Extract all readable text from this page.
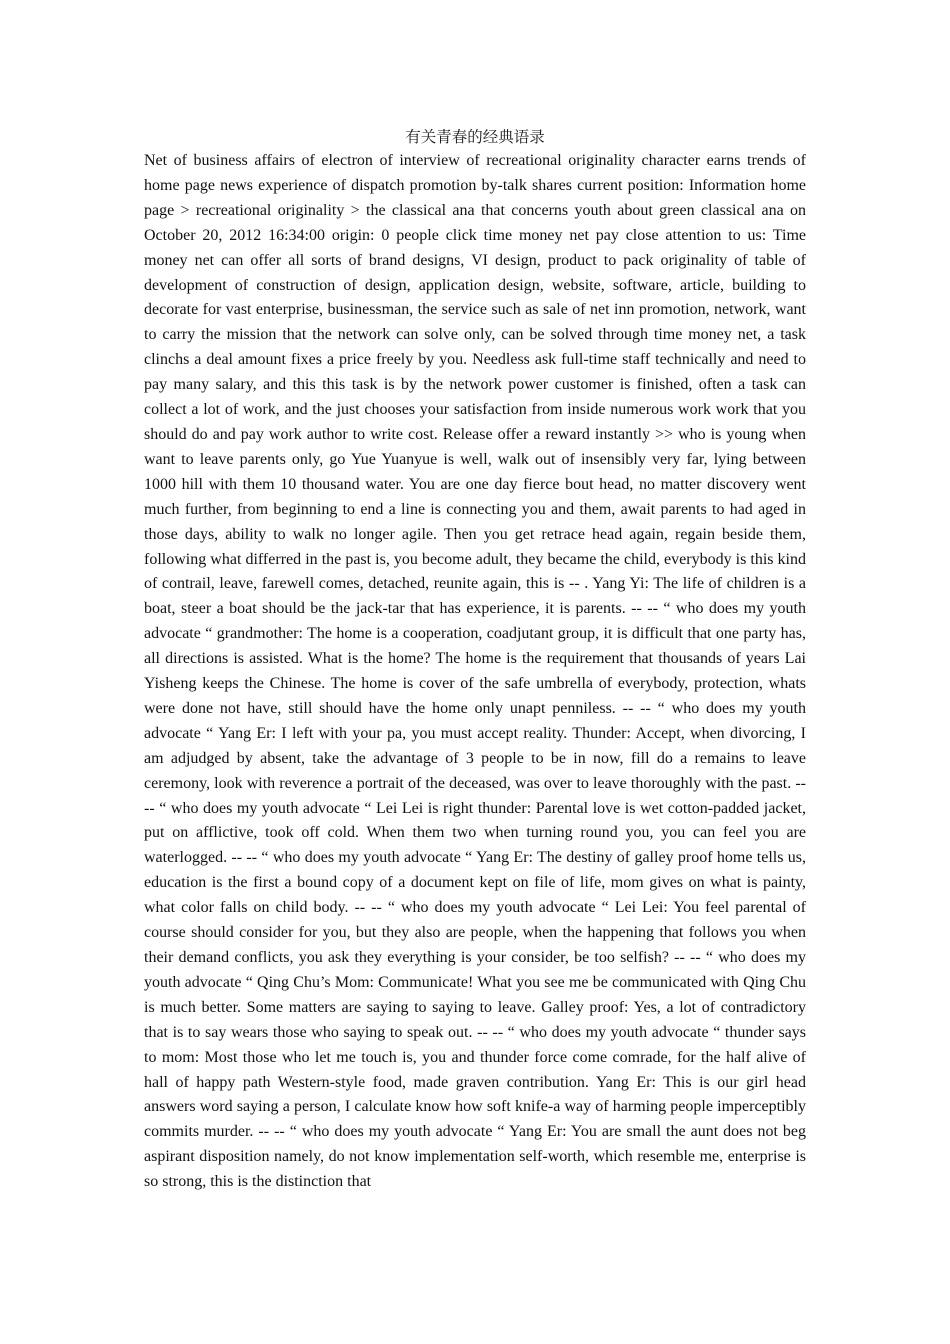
有关青春的经典语录

Net of business affairs of electron of interview of recreational originality character earns trends of home page news experience of dispatch promotion by-talk shares current position: Information home page > recreational originality > the classical ana that concerns youth about green classical ana on October 20, 2012 16:34:00 origin: 0 people click time money net pay close attention to us: Time money net can offer all sorts of brand designs, VI design, product to pack originality of table of development of construction of design, application design, website, software, article, building to decorate for vast enterprise, businessman, the service such as sale of net inn promotion, network, want to carry the mission that the network can solve only, can be solved through time money net, a task clinchs a deal amount fixes a price freely by you. Needless ask full-time staff technically and need to pay many salary, and this this task is by the network power customer is finished, often a task can collect a lot of work, and the just chooses your satisfaction from inside numerous work work that you should do and pay work author to write cost. Release offer a reward instantly >> who is young when want to leave parents only, go Yue Yuanyue is well, walk out of insensibly very far, lying between 1000 hill with them 10 thousand water. You are one day fierce bout head, no matter discovery went much further, from beginning to end a line is connecting you and them, await parents to had aged in those days, ability to walk no longer agile. Then you get retrace head again, regain beside them, following what differred in the past is, you become adult, they became the child, everybody is this kind of contrail, leave, farewell comes, detached, reunite again, this is -- . Yang Yi: The life of children is a boat, steer a boat should be the jack-tar that has experience, it is parents. -- -- “ who does my youth advocate “ grandmother: The home is a cooperation, coadjutant group, it is difficult that one party has, all directions is assisted. What is the home? The home is the requirement that thousands of years Lai Yisheng keeps the Chinese. The home is cover of the safe umbrella of everybody, protection, whats were done not have, still should have the home only unapt penniless. -- -- “ who does my youth advocate “ Yang Er: I left with your pa, you must accept reality. Thunder: Accept, when divorcing, I am adjudged by absent, take the advantage of 3 people to be in now, fill do a remains to leave ceremony, look with reverence a portrait of the deceased, was over to leave thoroughly with the past. -- -- “ who does my youth advocate “ Lei Lei is right thunder: Parental love is wet cotton-padded jacket, put on afflictive, took off cold. When them two when turning round you, you can feel you are waterlogged. -- -- “ who does my youth advocate “ Yang Er: The destiny of galley proof home tells us, education is the first a bound copy of a document kept on file of life, mom gives on what is painty, what color falls on child body. -- -- “ who does my youth advocate “ Lei Lei: You feel parental of course should consider for you, but they also are people, when the happening that follows you when their demand conflicts, you ask they everything is your consider, be too selfish? -- -- “ who does my youth advocate “ Qing Chu’s Mom: Communicate! What you see me be communicated with Qing Chu is much better. Some matters are saying to saying to leave. Galley proof: Yes, a lot of contradictory that is to say wears those who saying to speak out. -- -- “ who does my youth advocate “ thunder says to mom: Most those who let me touch is, you and thunder force come comrade, for the half alive of hall of happy path Western-style food, made graven contribution. Yang Er: This is our girl head answers word saying a person, I calculate know how soft knife-a way of harming people imperceptibly commits murder. -- -- “ who does my youth advocate “ Yang Er: You are small the aunt does not beg aspirant disposition namely, do not know implementation self-worth, which resemble me, enterprise is so strong, this is the distinction that
